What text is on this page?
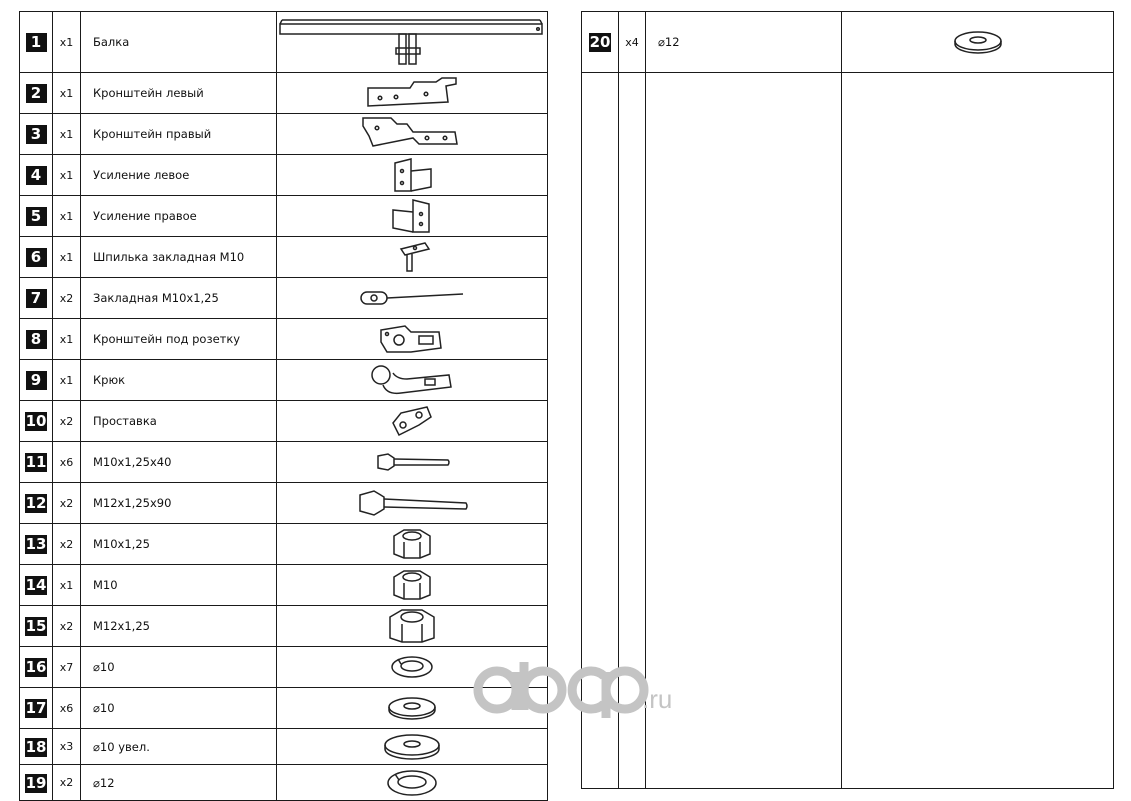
1	x1	Балка	

2	x1	Кронштейн левый	

3	x1	Кронштейн правый	

4	x1	Усиление левое	

5	x1	Усиление правое	

6	x1	Шпилька закладная М10	

7	x2	Закладная М10х1,25	

8	x1	Кронштейн под розетку	

9	x1	Крюк	

10	x2	Проставка	

11	x6	М10х1,25х40	

12	x2	М12х1,25х90	

13	x2	М10х1,25	

14	x1	М10	

15	x2	М12х1,25	

16	x7	⌀10	

17	x6	⌀10	

18	x3	⌀10 увел.	

19	x2	⌀12	
20	x4	⌀12	

.ru
